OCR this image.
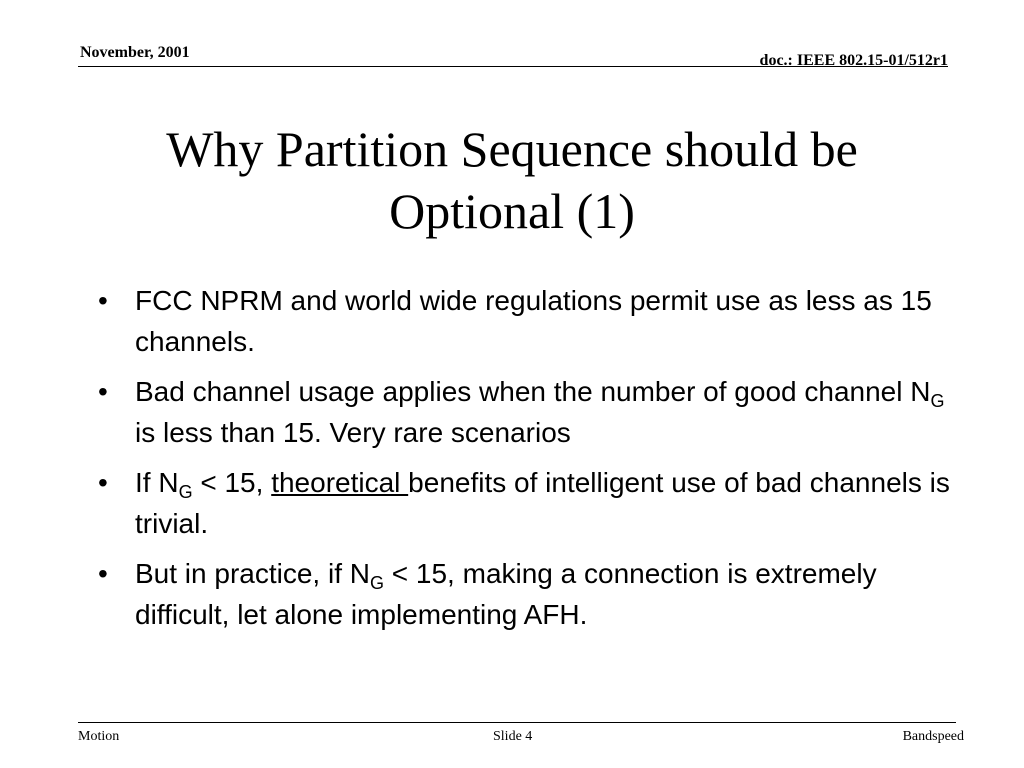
November, 2001	doc.: IEEE 802.15-01/512r1
Why Partition Sequence should be
Optional (1)
• FCC NPRM and world wide regulations permit use as less as 15 channels.
• Bad channel usage applies when the number of good channel $N_G$ is less than 15. Very rare scenarios
• If $N_G < 15$, theoretical benefits of intelligent use of bad channels is trivial.
• But in practice, if $N_G < 15$, making a connection is extremely difficult, let alone implementing AFH.
Motion	Slide 4	Bandspeed
